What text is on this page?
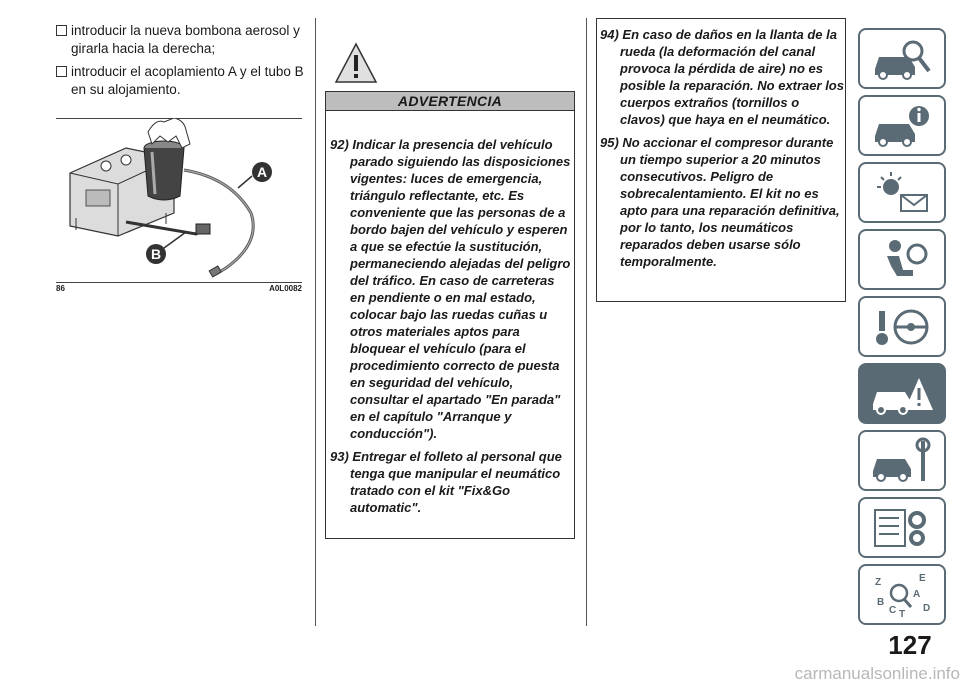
introducir la nueva bombona aerosol y girarla hacia la derecha;
introducir el acoplamiento A y el tubo B en su alojamiento.
A
B
86	A0L0082
ADVERTENCIA

92) Indicar la presencia del vehículo parado siguiendo las disposiciones vigentes: luces de emergencia, triángulo reflectante, etc. Es conveniente que las personas de a bordo bajen del vehículo y esperen a que se efectúe la sustitución, permaneciendo alejadas del peligro del tráfico. En caso de carreteras en pendiente o en mal estado, colocar bajo las ruedas cuñas u otros materiales aptos para bloquear el vehículo (para el procedimiento correcto de puesta en seguridad del vehículo, consultar el apartado "En parada" en el capítulo "Arranque y conducción").

93) Entregar el folleto al personal que tenga que manipular el neumático tratado con el kit "Fix&Go automatic".

94) En caso de daños en la llanta de la rueda (la deformación del canal provoca la pérdida de aire) no es posible la reparación. No extraer los cuerpos extraños (tornillos o clavos) que haya en el neumático.

95) No accionar el compresor durante un tiempo superior a 20 minutos consecutivos. Peligro de sobrecalentamiento. El kit no es apto para una reparación definitiva, por lo tanto, los neumáticos reparados deben usarse sólo temporalmente.

Z	E
A
B
C T
D
127
carmanualsonline.info
